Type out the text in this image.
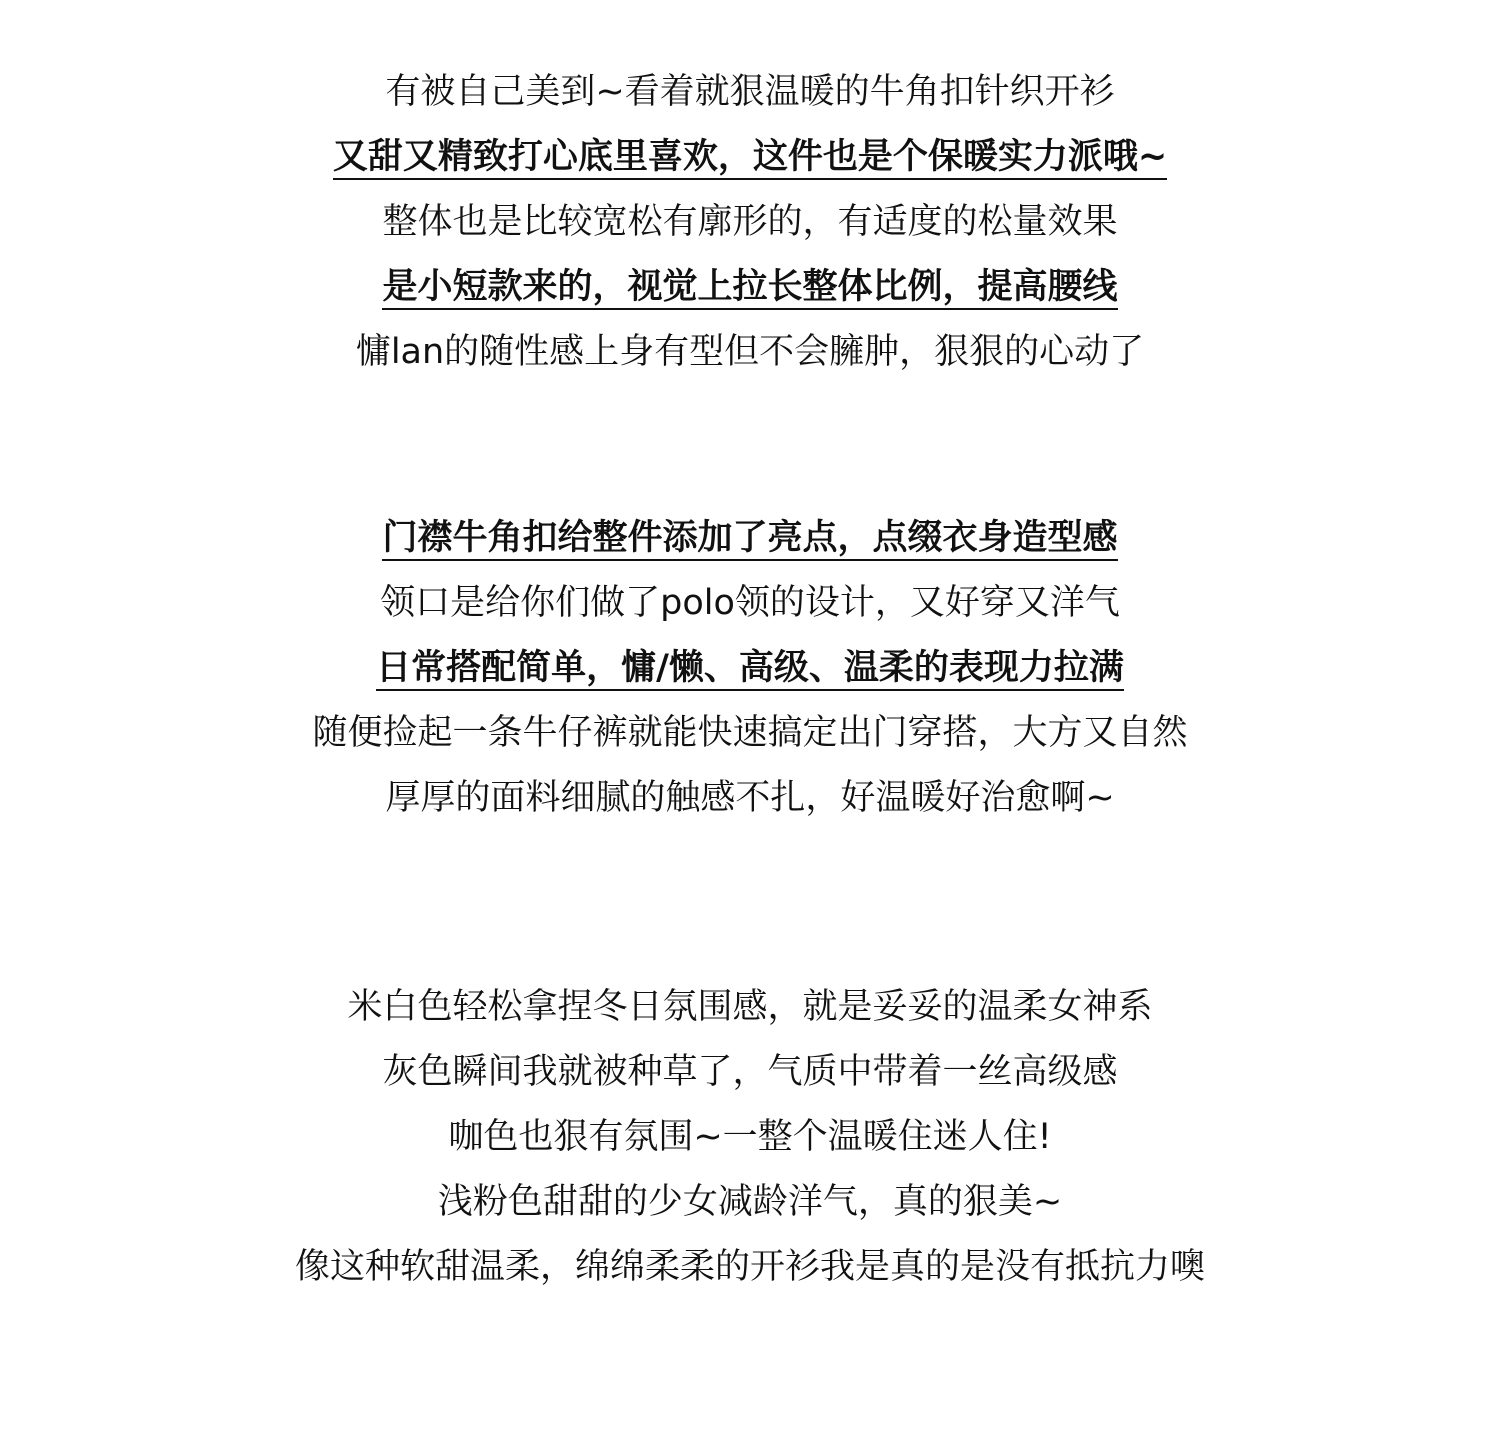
有被自己美到~看着就狠温暖的牛角扣针织开衫
又甜又精致打心底里喜欢，这件也是个保暖实力派哦~
整体也是比较宽松有廓形的，有适度的松量效果
是小短款来的，视觉上拉长整体比例，提高腰线
慵lan的随性感上身有型但不会臃肿，狠狠的心动了
门襟牛角扣给整件添加了亮点，点缀衣身造型感
领口是给你们做了polo领的设计，又好穿又洋气
日常搭配简单，慵/懒、高级、温柔的表现力拉满
随便捡起一条牛仔裤就能快速搞定出门穿搭，大方又自然
厚厚的面料细腻的触感不扎，好温暖好治愈啊~
米白色轻松拿捏冬日氛围感，就是妥妥的温柔女神系
灰色瞬间我就被种草了，气质中带着一丝高级感
咖色也狠有氛围~一整个温暖住迷人住!
浅粉色甜甜的少女减龄洋气，真的狠美~
像这种软甜温柔，绵绵柔柔的开衫我是真的是没有抵抗力噢
